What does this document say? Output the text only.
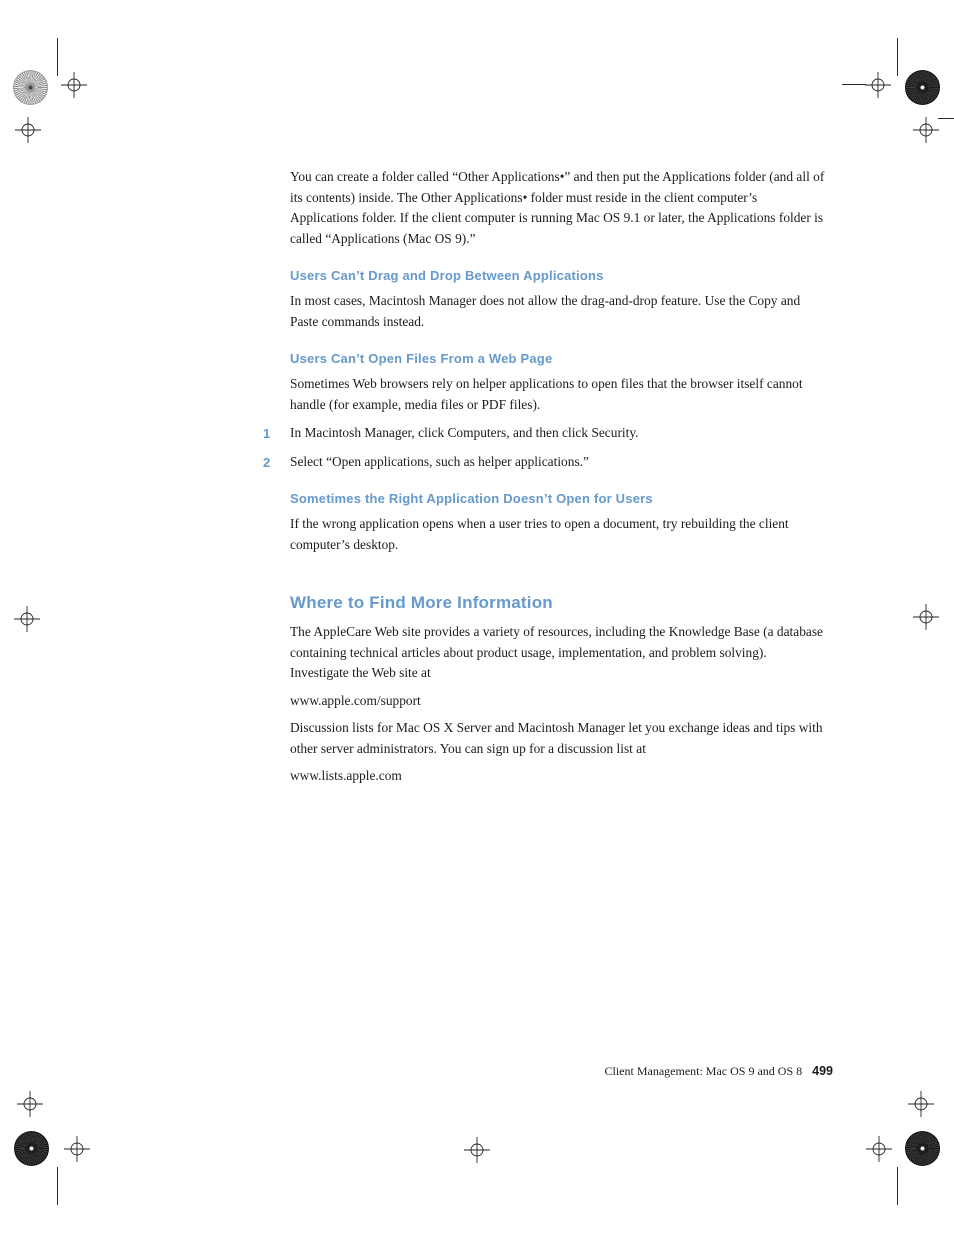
You can create a folder called “Other Applications•” and then put the Applications folder (and all of its contents) inside. The Other Applications• folder must reside in the client computer’s Applications folder. If the client computer is running Mac OS 9.1 or later, the Applications folder is called “Applications (Mac OS 9).”

Users Can’t Drag and Drop Between Applications

In most cases, Macintosh Manager does not allow the drag-and-drop feature. Use the Copy and Paste commands instead.

Users Can’t Open Files From a Web Page

Sometimes Web browsers rely on helper applications to open files that the browser itself cannot handle (for example, media files or PDF files).

1 In Macintosh Manager, click Computers, and then click Security.
2 Select “Open applications, such as helper applications.”
Sometimes the Right Application Doesn’t Open for Users

If the wrong application opens when a user tries to open a document, try rebuilding the client computer’s desktop.

Where to Find More Information

The AppleCare Web site provides a variety of resources, including the Knowledge Base (a database containing technical articles about product usage, implementation, and problem solving). Investigate the Web site at

www.apple.com/support

Discussion lists for Mac OS X Server and Macintosh Manager let you exchange ideas and tips with other server administrators. You can sign up for a discussion list at

www.lists.apple.com

Client Management: Mac OS 9 and OS 8 499
